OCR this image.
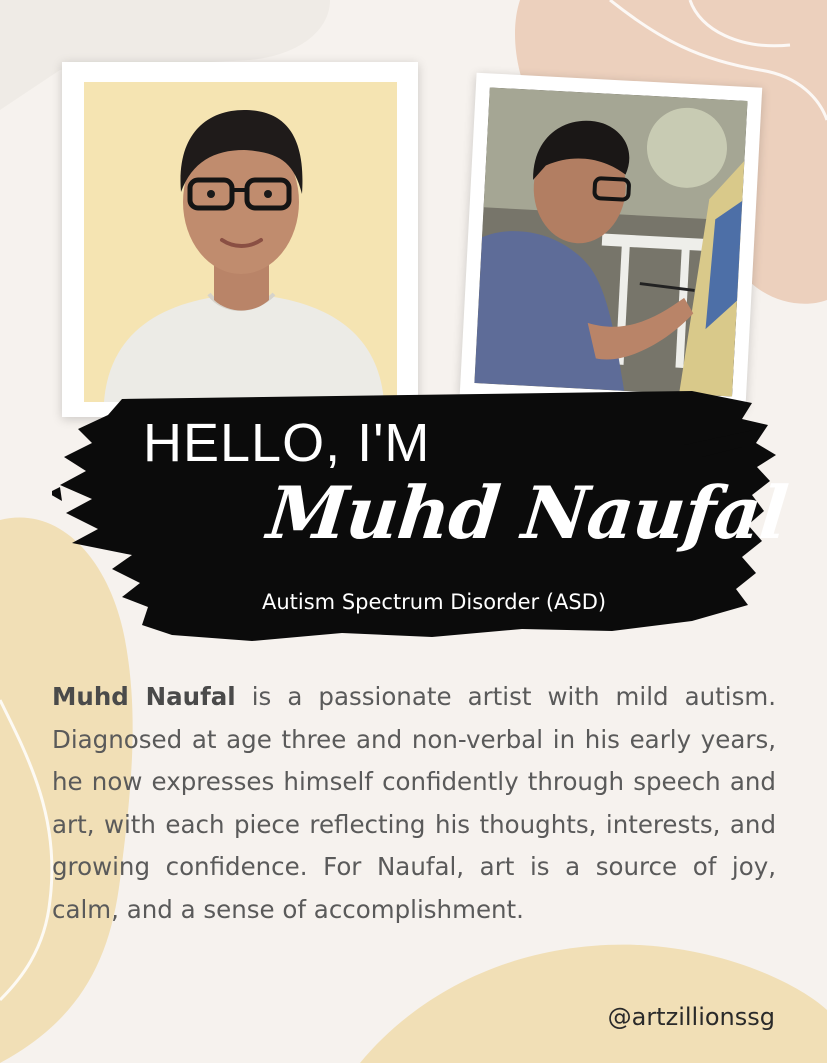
HELLO, I'M
Muhd Naufal
Autism Spectrum Disorder (ASD)

Muhd Naufal is a passionate artist with mild autism. Diagnosed at age three and non-verbal in his early years, he now expresses himself confidently through speech and art, with each piece reflecting his thoughts, interests, and growing confidence. For Naufal, art is a source of joy, calm, and a sense of accomplishment.

@artzillionssg
